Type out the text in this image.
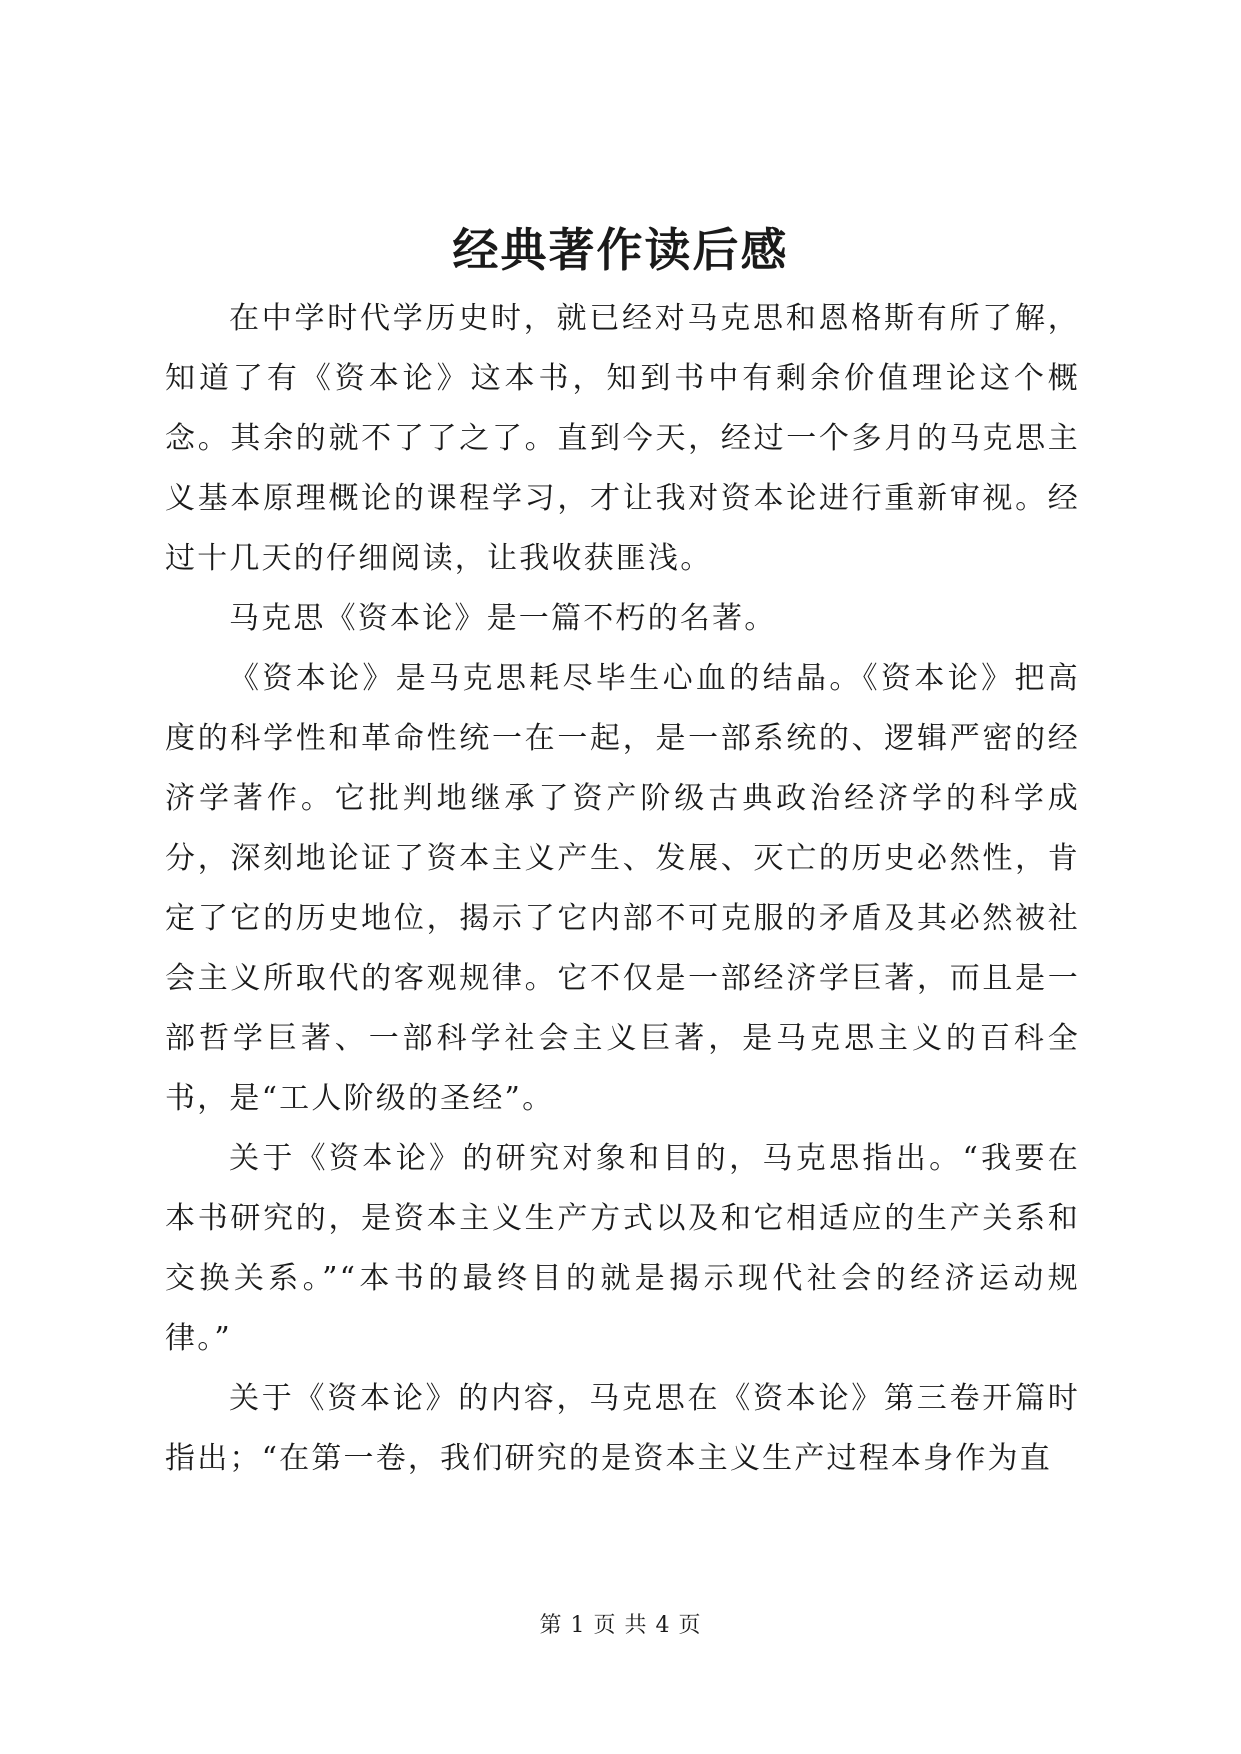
经典著作读后感

在中学时代学历史时，就已经对马克思和恩格斯有所了解，知道了有《资本论》这本书，知到书中有剩余价值理论这个概念。其余的就不了了之了。直到今天，经过一个多月的马克思主义基本原理概论的课程学习，才让我对资本论进行重新审视。经过十几天的仔细阅读，让我收获匪浅。

马克思《资本论》是一篇不朽的名著。

《资本论》是马克思耗尽毕生心血的结晶。《资本论》把高度的科学性和革命性统一在一起，是一部系统的、逻辑严密的经济学著作。它批判地继承了资产阶级古典政治经济学的科学成分，深刻地论证了资本主义产生、发展、灭亡的历史必然性，肯定了它的历史地位，揭示了它内部不可克服的矛盾及其必然被社会主义所取代的客观规律。它不仅是一部经济学巨著，而且是一部哲学巨著、一部科学社会主义巨著，是马克思主义的百科全书，是“工人阶级的圣经”。

关于《资本论》的研究对象和目的，马克思指出。“我要在本书研究的，是资本主义生产方式以及和它相适应的生产关系和交换关系。”“本书的最终目的就是揭示现代社会的经济运动规律。”

关于《资本论》的内容，马克思在《资本论》第三卷开篇时指出；“在第一卷，我们研究的是资本主义生产过程本身作为直

第 1 页 共 4 页
